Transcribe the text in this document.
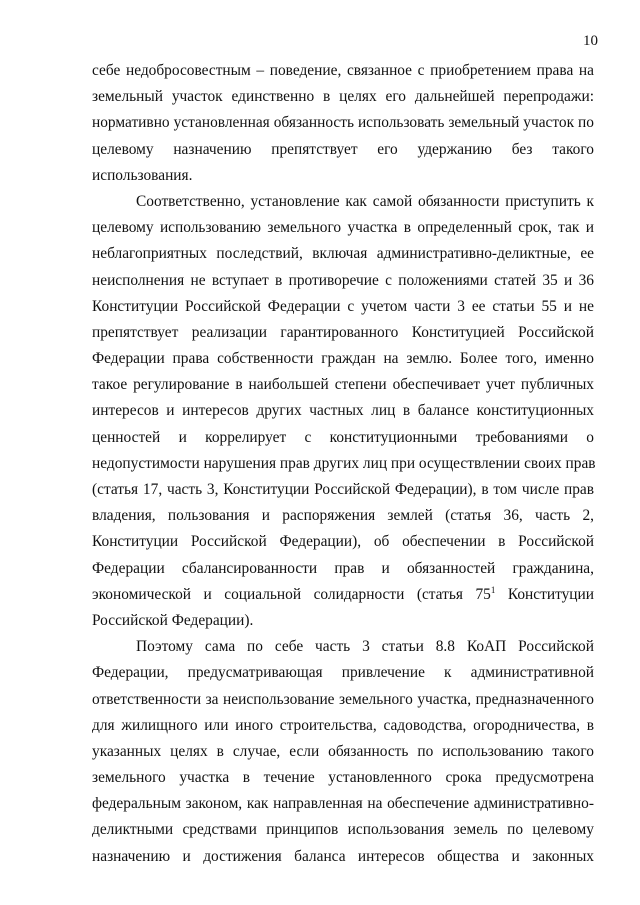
10
себе недобросовестным – поведение, связанное с приобретением права на
земельный участок единственно в целях его дальнейшей перепродажи:
нормативно установленная обязанность использовать земельный участок по
целевому назначению препятствует его удержанию без такого
использования.
Соответственно, установление как самой обязанности приступить к
целевому использованию земельного участка в определенный срок, так и
неблагоприятных последствий, включая административно-деликтные, ее
неисполнения не вступает в противоречие с положениями статей 35 и 36
Конституции Российской Федерации с учетом части 3 ее статьи 55 и не
препятствует реализации гарантированного Конституцией Российской
Федерации права собственности граждан на землю. Более того, именно
такое регулирование в наибольшей степени обеспечивает учет публичных
интересов и интересов других частных лиц в балансе конституционных
ценностей и коррелирует с конституционными требованиями о
недопустимости нарушения прав других лиц при осуществлении своих прав
(статья 17, часть 3, Конституции Российской Федерации), в том числе прав
владения, пользования и распоряжения землей (статья 36, часть 2,
Конституции Российской Федерации), об обеспечении в Российской
Федерации сбалансированности прав и обязанностей гражданина,
экономической и социальной солидарности (статья $75^1$ Конституции
Российской Федерации).
Поэтому сама по себе часть 3 статьи 8.8 КоАП Российской
Федерации, предусматривающая привлечение к административной
ответственности за неиспользование земельного участка, предназначенного
для жилищного или иного строительства, садоводства, огородничества, в
указанных целях в случае, если обязанность по использованию такого
земельного участка в течение установленного срока предусмотрена
федеральным законом, как направленная на обеспечение административно-
деликтными средствами принципов использования земель по целевому
назначению и достижения баланса интересов общества и законных
